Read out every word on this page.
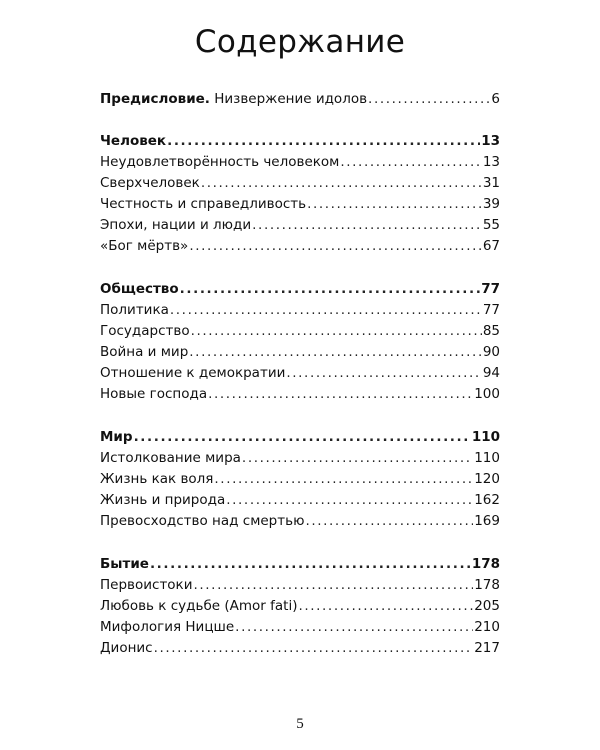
Содержание
Предисловие. Низвержение идолов .....	6
Человек .....	13
Неудовлетворённость человеком .....	13
Сверхчеловек .....	31
Честность и справедливость .....	39
Эпохи, нации и люди .....	55
«Бог мёртв» .....	67
Общество .....	77
Политика .....	77
Государство .....	85
Война и мир .....	90
Отношение к демократии .....	94
Новые господа .....	100
Мир .....	110
Истолкование мира .....	110
Жизнь как воля .....	120
Жизнь и природа .....	162
Превосходство над смертью .....	169
Бытие .....	178
Первоистоки .....	178
Любовь к судьбе (Amor fati) .....	205
Мифология Ницше .....	210
Дионис .....	217
5
